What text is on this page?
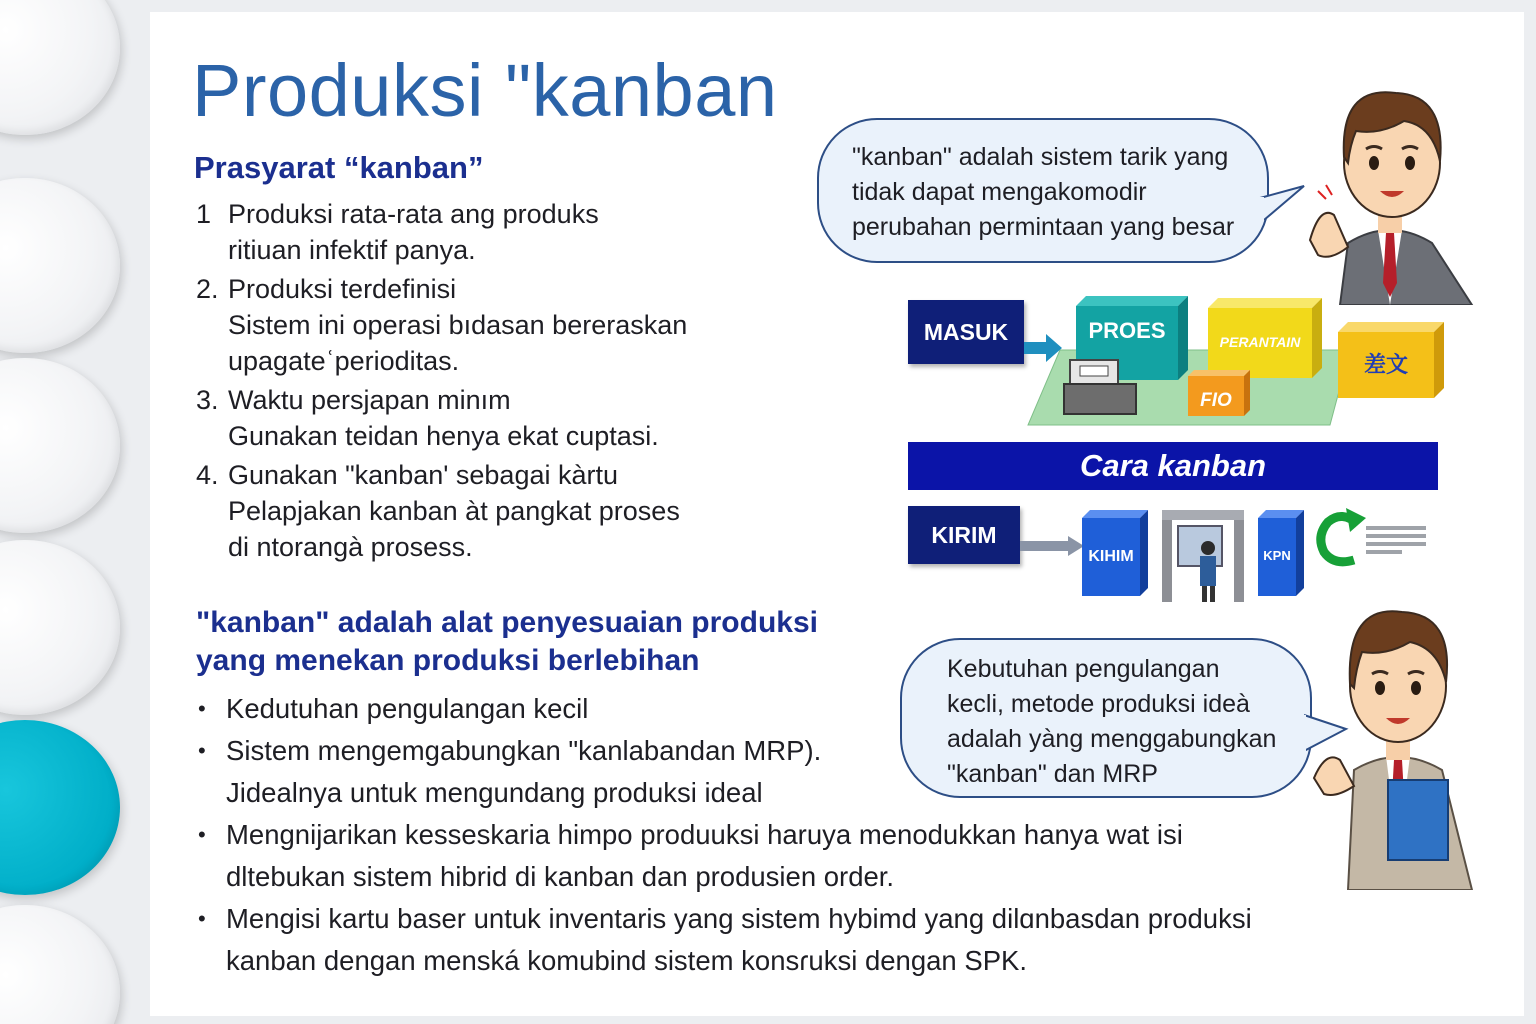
Produksi "kanban
Prasyarat “kanban”
1 Produksi rata-rata ang produks
ritiuan infektif panya.
2. Produksi terdefinisi
Sistem ini operasi bıdasan bereraskan
upagateʿperioditas.
3. Waktu persjapan minım
Gunakan teidan henya ekat cuptasi.
4. Gunakan "kanban' sebagai kàrtu
Pelapjakan kanban àt pangkat proses
di ntorangà prosess.
"kanban" adalah alat penyesuaian produksi
yang menekan produksi berlebihan
• Kedutuhan pengulangan kecil
• Sistem mengemgabungkan "kanlabandan MRP).
Jidealnya untuk mengundang produksi ideal
• Mengnijarikan kesseskaria himpo produuksi haruya menodukkan hanya wat isi
dltebukan sistem hibrid di kanban dan produsien order.
• Mengisi kartu baser untuk inventaris yang sistem hybimd yang dilɑnbasdan produksi
kanban dengan menská komubind sistem konsɾuksi dengan SPK.
"kanban" adalah sistem tarik yang
tidak dapat mengakomodir
perubahan permintaan yang besar
Kebutuhan pengulangan
kecli, metode produksi ideà
adalah yàng menggabungkan
"kanban" dan MRP
MASUK	PROES	PERANTAIN
差文
FIO
Cara kanban
KIRIM
KIHIM	KPN
